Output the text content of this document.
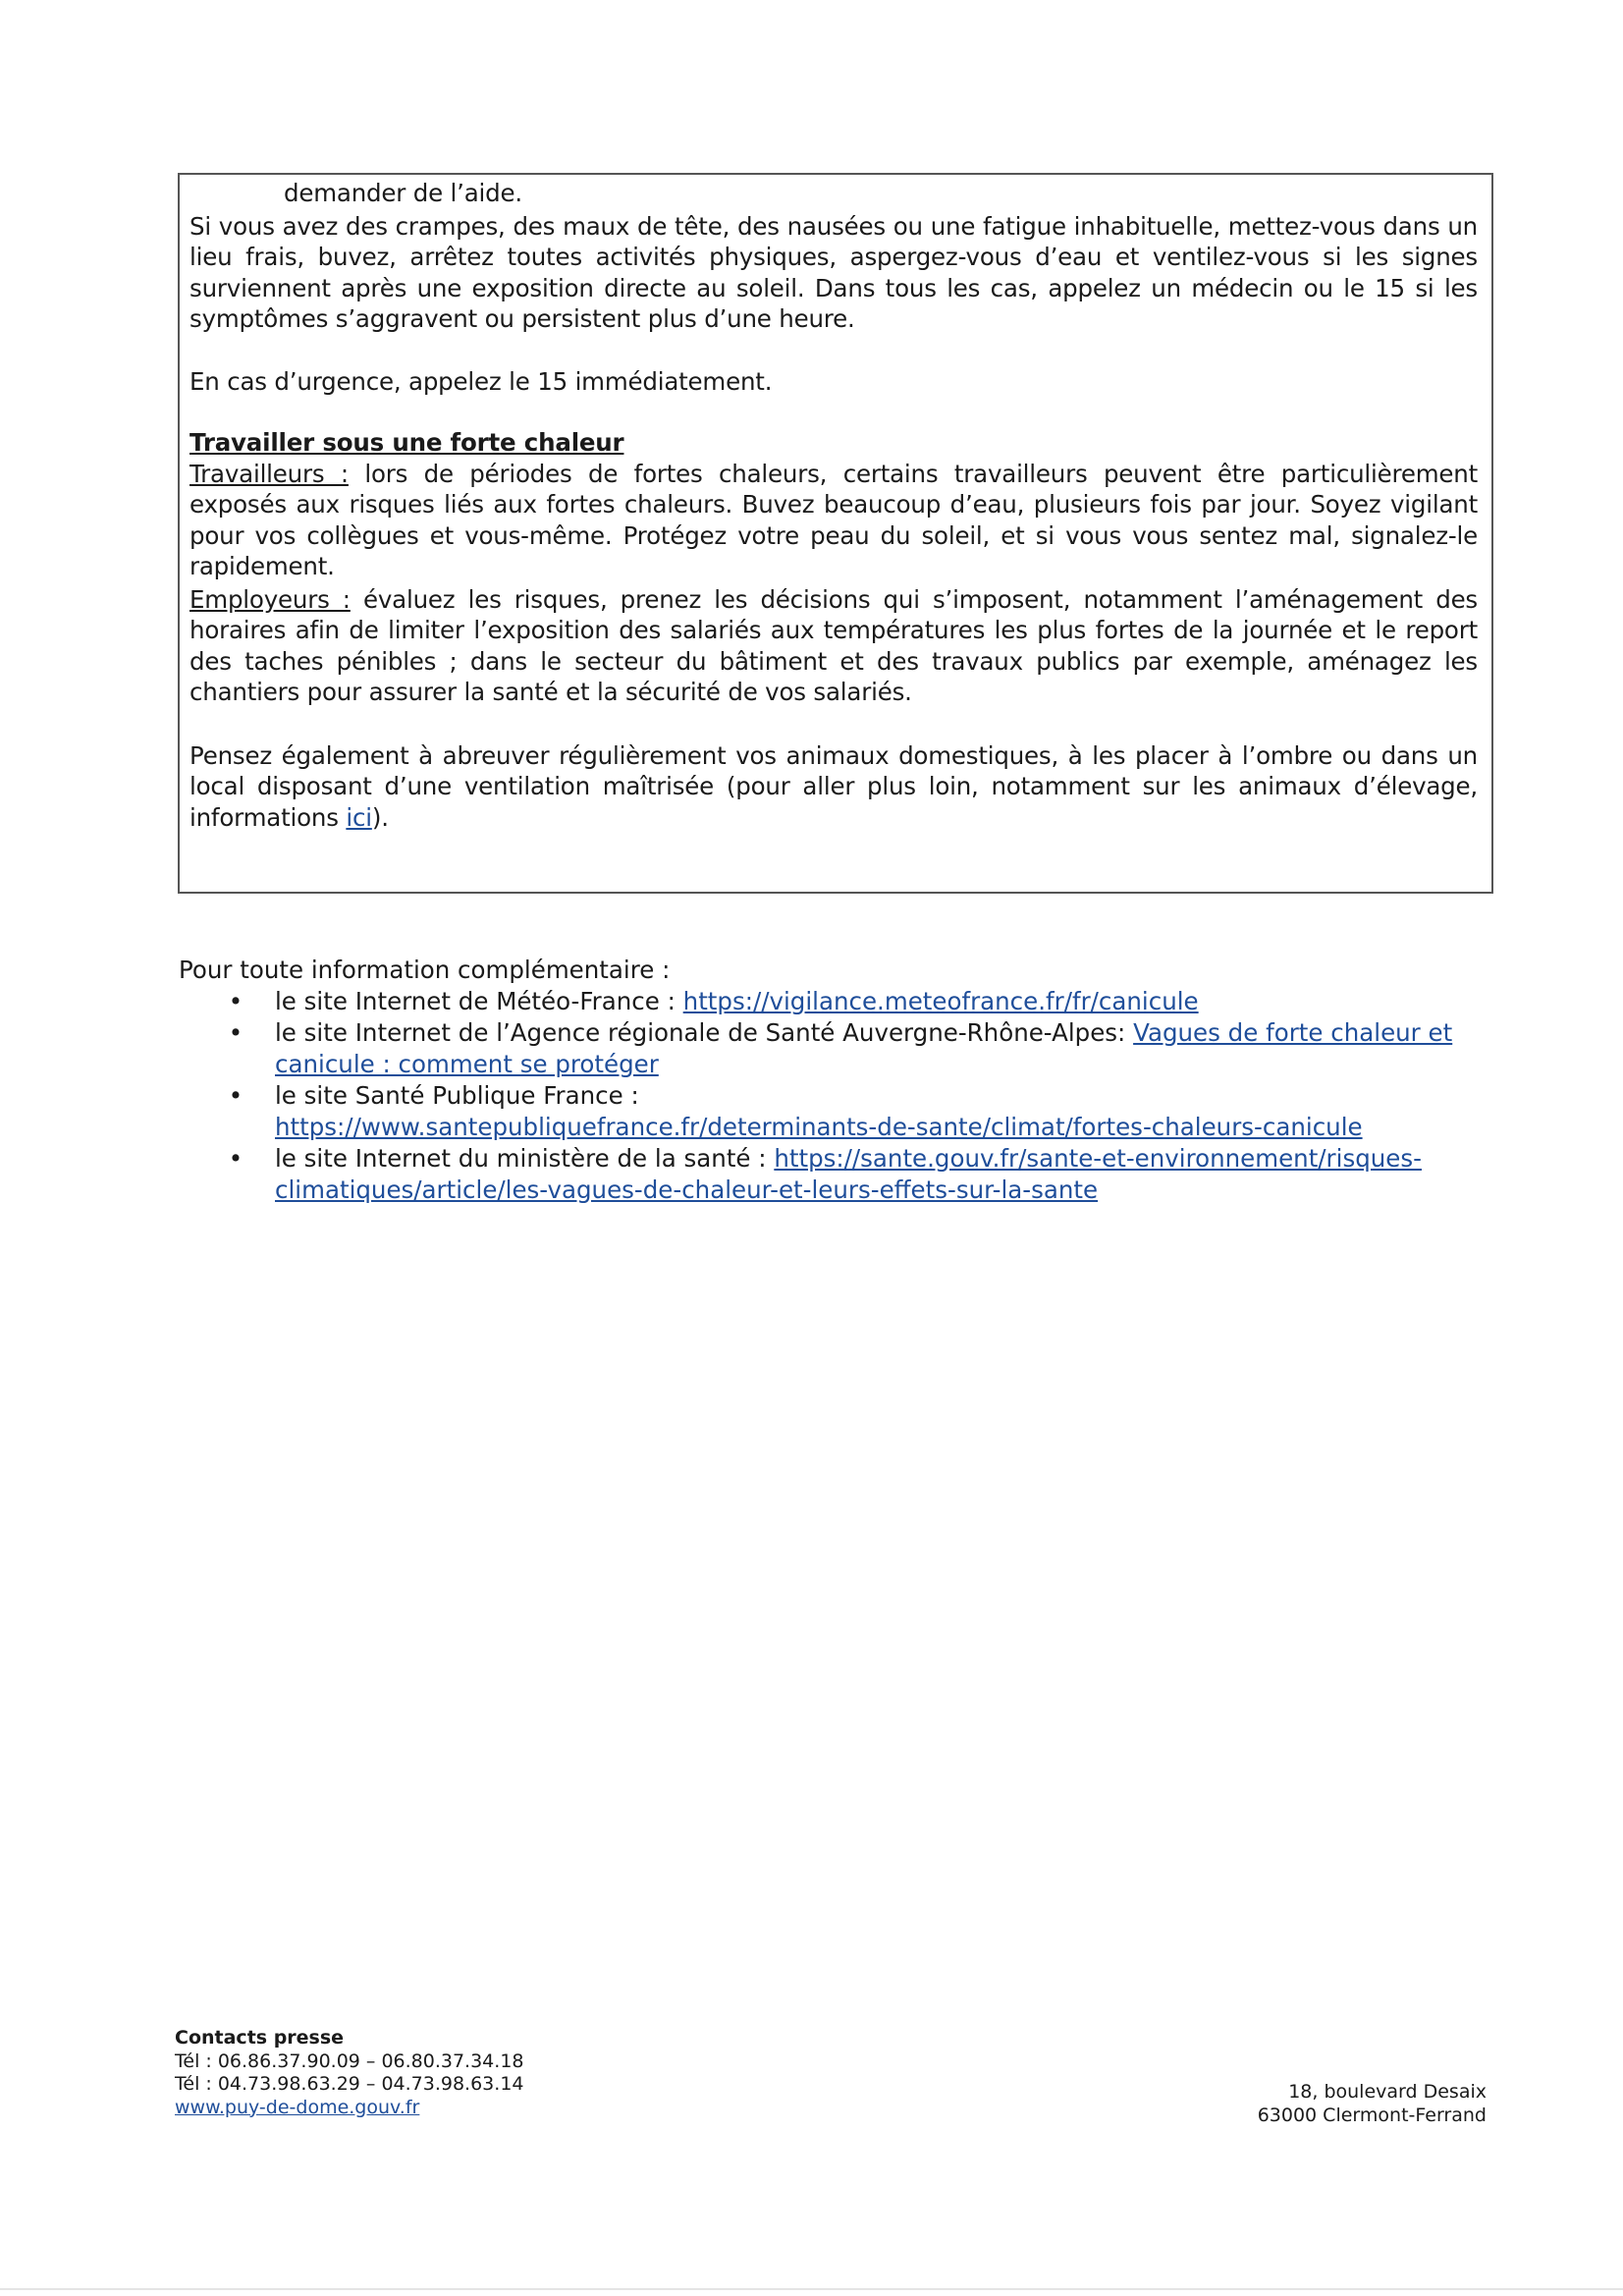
demander de l’aide.

Si vous avez des crampes, des maux de tête, des nausées ou une fatigue inhabituelle, mettez-vous dans un lieu frais, buvez, arrêtez toutes activités physiques, aspergez-vous d’eau et ventilez-vous si les signes surviennent après une exposition directe au soleil. Dans tous les cas, appelez un médecin ou le 15 si les symptômes s’aggravent ou persistent plus d’une heure.

En cas d’urgence, appelez le 15 immédiatement.

Travailler sous une forte chaleur

Travailleurs : lors de périodes de fortes chaleurs, certains travailleurs peuvent être particulièrement exposés aux risques liés aux fortes chaleurs. Buvez beaucoup d’eau, plusieurs fois par jour. Soyez vigilant pour vos collègues et vous-même. Protégez votre peau du soleil, et si vous vous sentez mal, signalez-le rapidement.

Employeurs : évaluez les risques, prenez les décisions qui s’imposent, notamment l’aménagement des horaires afin de limiter l’exposition des salariés aux températures les plus fortes de la journée et le report des taches pénibles ; dans le secteur du bâtiment et des travaux publics par exemple, aménagez les chantiers pour assurer la santé et la sécurité de vos salariés.

Pensez également à abreuver régulièrement vos animaux domestiques, à les placer à l’ombre ou dans un local disposant d’une ventilation maîtrisée (pour aller plus loin, notamment sur les animaux d’élevage, informations ici).

Pour toute information complémentaire :

• le site Internet de Météo-France : https://vigilance.meteofrance.fr/fr/canicule
• le site Internet de l’Agence régionale de Santé Auvergne-Rhône-Alpes: Vagues de forte chaleur et canicule : comment se protéger
• le site Santé Publique France :
https://www.santepubliquefrance.fr/determinants-de-sante/climat/fortes-chaleurs-canicule
• le site Internet du ministère de la santé : https://sante.gouv.fr/sante-et-environnement/risques-climatiques/article/les-vagues-de-chaleur-et-leurs-effets-sur-la-sante
Contacts presse
Tél : 06.86.37.90.09 – 06.80.37.34.18
Tél : 04.73.98.63.29 – 04.73.98.63.14
www.puy-de-dome.gouv.fr
18, boulevard Desaix
63000 Clermont-Ferrand
